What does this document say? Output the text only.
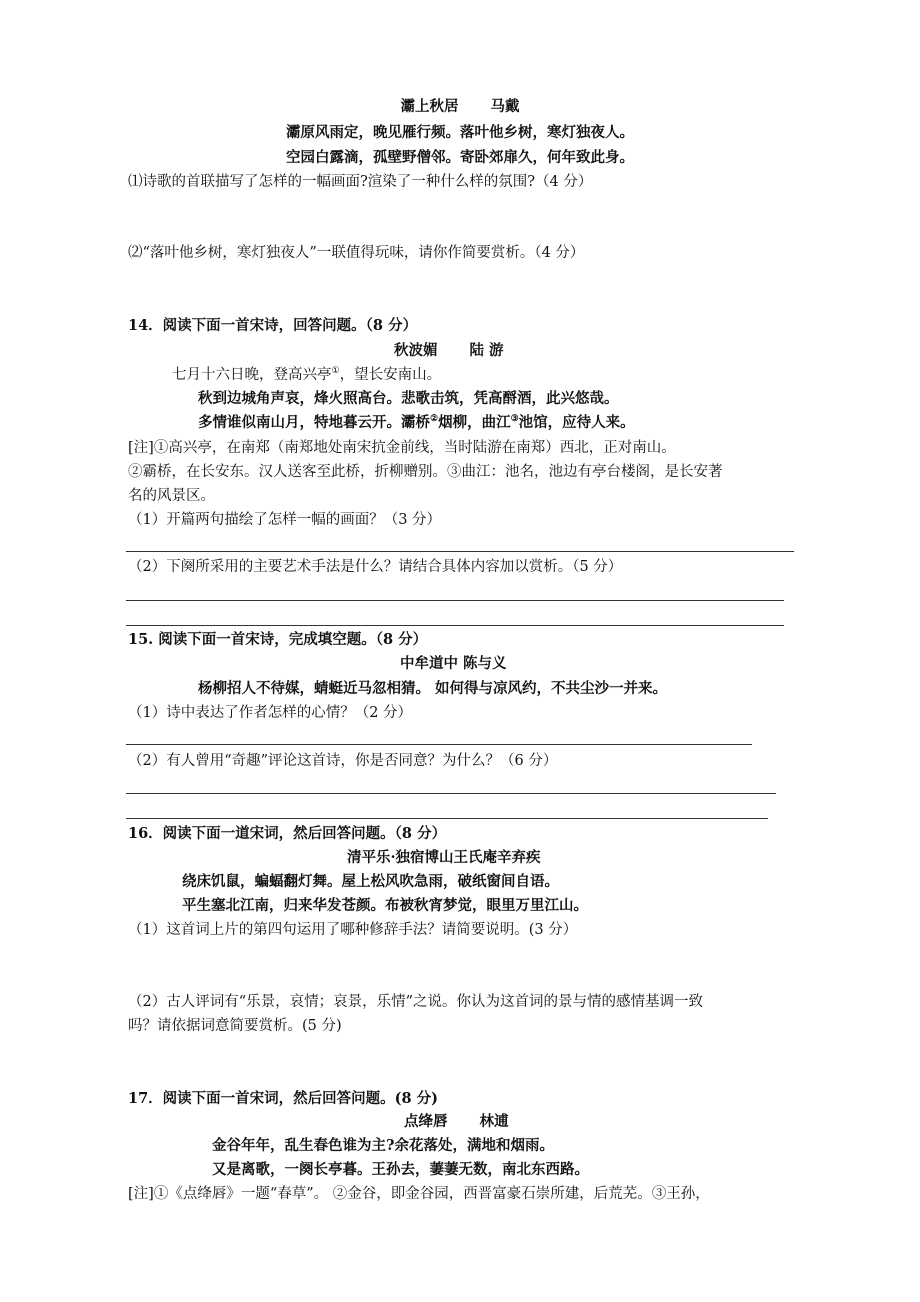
灞上秋居 马戴
灞原风雨定，晚见雁行频。落叶他乡树，寒灯独夜人。
空园白露滴，孤壁野僧邻。寄卧郊扉久，何年致此身。
⑴诗歌的首联描写了怎样的一幅画面?渲染了一种什么样的氛围?（4 分）
⑵“落叶他乡树，寒灯独夜人”一联值得玩味，请你作简要赏析。（4 分）
14．阅读下面一首宋诗，回答问题。（8 分）
秋波媚 陆 游
七月十六日晚，登高兴亭①，望长安南山。
秋到边城角声哀，烽火照高台。悲歌击筑，凭高酹酒，此兴悠哉。
多情谁似南山月，特地暮云开。灞桥②烟柳，曲江③池馆，应待人来。
[注]①高兴亭，在南郑（南郑地处南宋抗金前线，当时陆游在南郑）西北，正对南山。
②霸桥，在长安东。汉人送客至此桥，折柳赠别。③曲江：池名，池边有亭台楼阁，是长安著
名的风景区。
（1）开篇两句描绘了怎样一幅的画面？（3 分）
（2）下阕所采用的主要艺术手法是什么？请结合具体内容加以赏析。（5 分）
15. 阅读下面一首宋诗，完成填空题。（8 分）
中牟道中 陈与义
杨柳招人不待媒，蜻蜓近马忽相猜。 如何得与凉风约，不共尘沙一并来。
（1）诗中表达了作者怎样的心情？（2 分）
（2）有人曾用“奇趣”评论这首诗，你是否同意？为什么？（6 分）
16．阅读下面一道宋词，然后回答问题。（8 分）
清平乐·独宿博山王氏庵辛弃疾
绕床饥鼠，蝙蝠翻灯舞。屋上松风吹急雨，破纸窗间自语。
平生塞北江南，归来华发苍颜。布被秋宵梦觉，眼里万里江山。
（1）这首词上片的第四句运用了哪种修辞手法？请简要说明。(3 分）
（2）古人评词有“乐景，哀情；哀景，乐情”之说。你认为这首词的景与情的感情基调一致
吗？请依据词意简要赏析。(5 分)
17．阅读下面一首宋词，然后回答问题。(8 分)
点绛唇 林逋
金谷年年，乱生春色谁为主?余花落处，满地和烟雨。
又是离歌，一阕长亭暮。王孙去，萋萋无数，南北东西路。
[注]①《点绛唇》一题“春草”。 ②金谷，即金谷园，西晋富豪石崇所建，后荒芜。③王孙，
